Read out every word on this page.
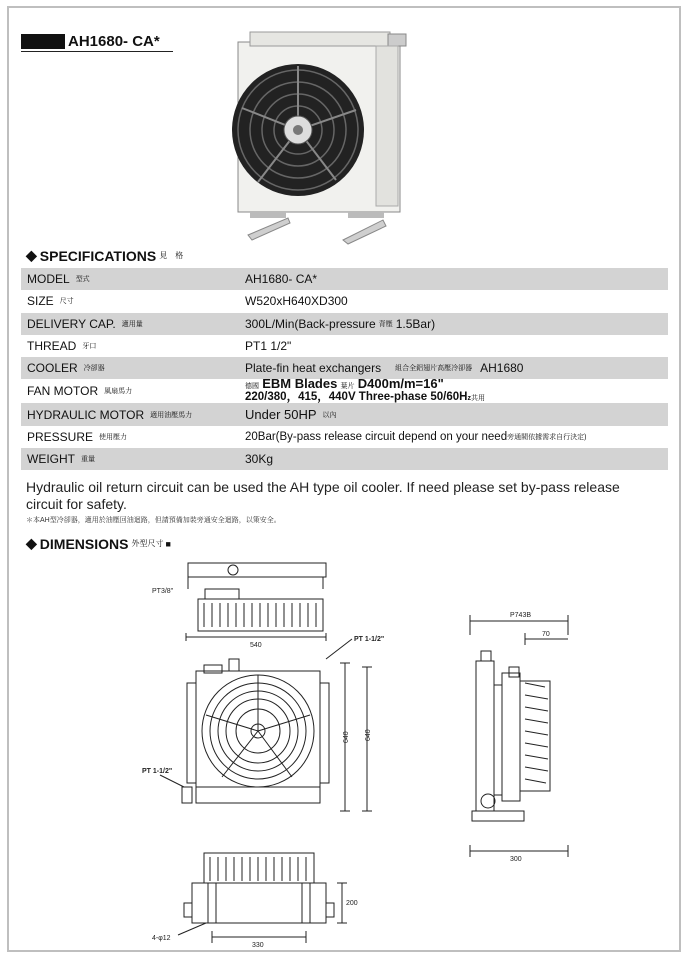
AH1680- CA*
◆ SPECIFICATIONS 見　格
MODEL 型式	AH1680- CA*
SIZE 尺寸	W520xH640XD300
DELIVERY CAP. 適用量	300L/Min(Back-pressure 背壓 1.5Bar)
THREAD 牙口	PT1 1/2"
COOLER 冷卻器	Plate-fin heat exchangers 組合全鋁翅片高壓冷卻器 AH1680
FAN MOTOR 風扇馬力
德國 EBM Blades 葉片 D400m/m=16"
220/380，415，440V Three-phase 50/60Hz共用
HYDRAULIC MOTOR 適用油壓馬力	Under 50HP 以內
PRESSURE 使用壓力	20Bar(By-pass release circuit depend on your need 旁通閥依據需求自行決定)
WEIGHT 重量	30Kg
Hydraulic oil return circuit can be used the AH type oil cooler. If need please set by-pass release circuit for safety.
＊本AH型冷卻器，適用於油壓回油迴路，但請預備加裝旁通安全迴路，以策安全。
◆ DIMENSIONS 外型尺寸 ■
PT3/8"
540
PT 1-1/2"
640 640
PT 1-1/2"
P743B
70
300
200
330
4-φ12
